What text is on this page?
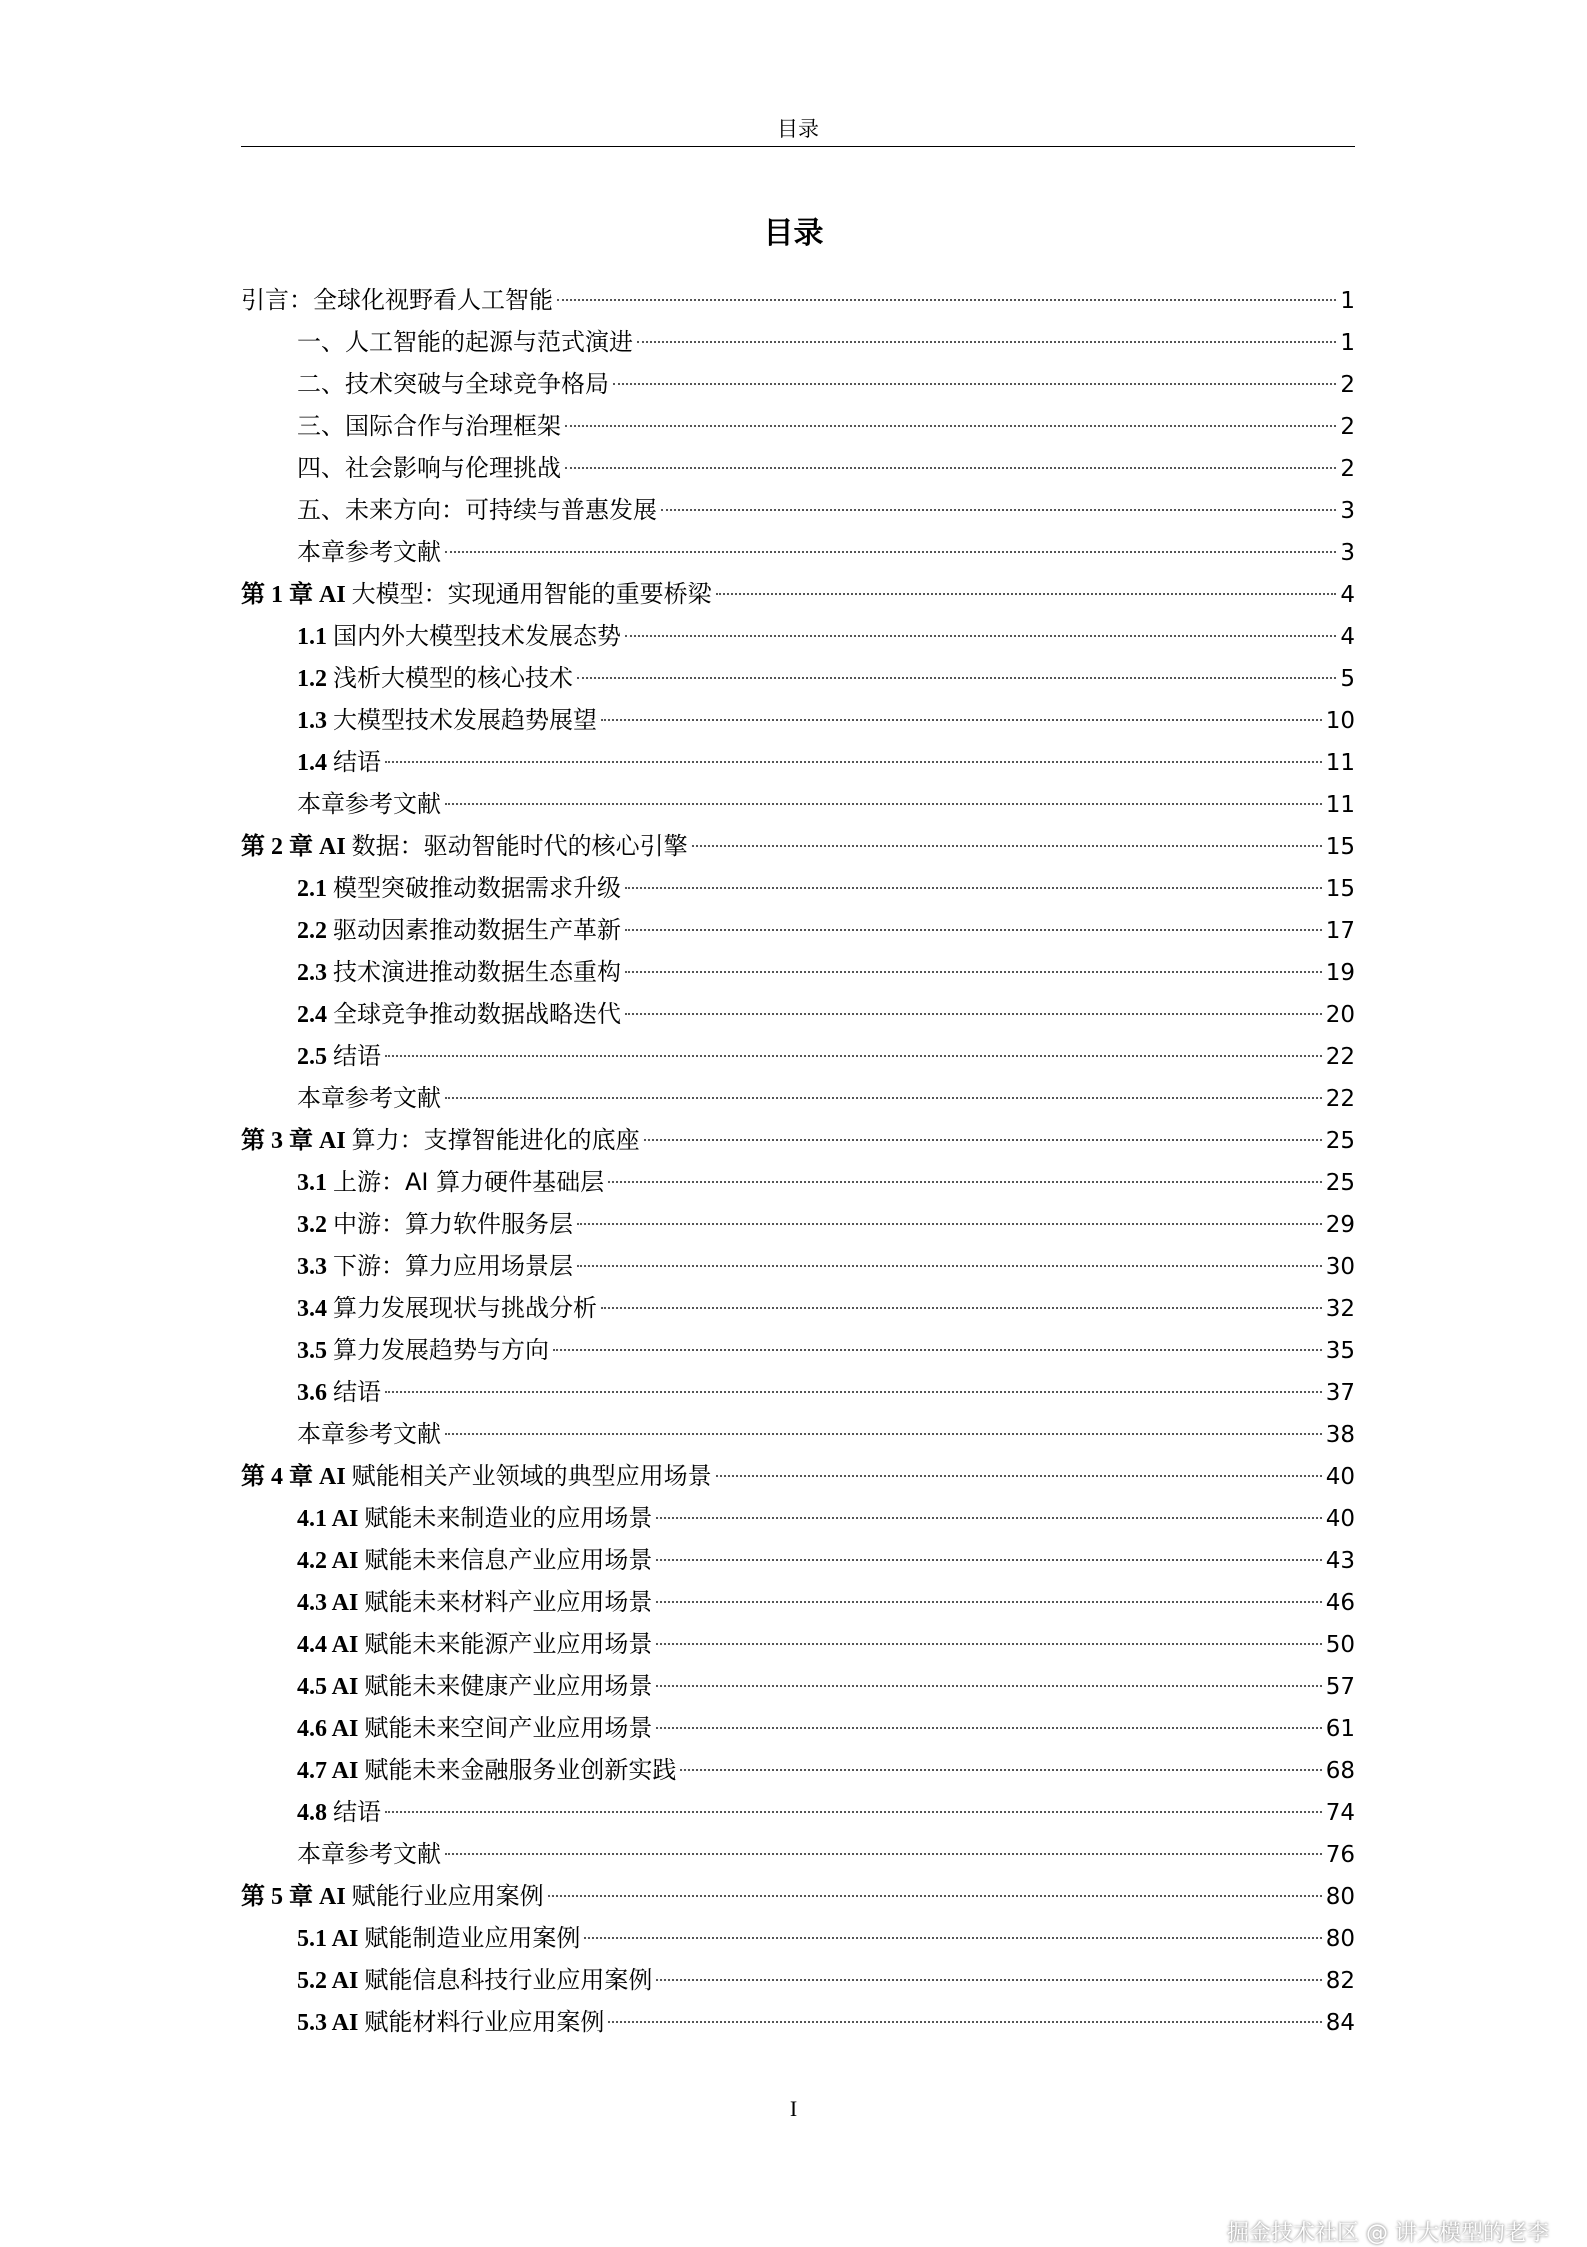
目录
目录
引言：全球化视野看人工智能	1
一、人工智能的起源与范式演进	1
二、技术突破与全球竞争格局	2
三、国际合作与治理框架	2
四、社会影响与伦理挑战	2
五、未来方向：可持续与普惠发展	3
本章参考文献	3
第 1 章 AI 大模型：实现通用智能的重要桥梁	4
1.1 国内外大模型技术发展态势	4
1.2 浅析大模型的核心技术	5
1.3 大模型技术发展趋势展望	10
1.4 结语	11
本章参考文献	11
第 2 章 AI 数据：驱动智能时代的核心引擎	15
2.1 模型突破推动数据需求升级	15
2.2 驱动因素推动数据生产革新	17
2.3 技术演进推动数据生态重构	19
2.4 全球竞争推动数据战略迭代	20
2.5 结语	22
本章参考文献	22
第 3 章 AI 算力：支撑智能进化的底座	25
3.1 上游：AI 算力硬件基础层	25
3.2 中游：算力软件服务层	29
3.3 下游：算力应用场景层	30
3.4 算力发展现状与挑战分析	32
3.5 算力发展趋势与方向	35
3.6 结语	37
本章参考文献	38
第 4 章 AI 赋能相关产业领域的典型应用场景	40
4.1 AI 赋能未来制造业的应用场景	40
4.2 AI 赋能未来信息产业应用场景	43
4.3 AI 赋能未来材料产业应用场景	46
4.4 AI 赋能未来能源产业应用场景	50
4.5 AI 赋能未来健康产业应用场景	57
4.6 AI 赋能未来空间产业应用场景	61
4.7 AI 赋能未来金融服务业创新实践	68
4.8 结语	74
本章参考文献	76
第 5 章 AI 赋能行业应用案例	80
5.1 AI 赋能制造业应用案例	80
5.2 AI 赋能信息科技行业应用案例	82
5.3 AI 赋能材料行业应用案例	84
I
掘金技术社区 @ 讲大模型的老李
